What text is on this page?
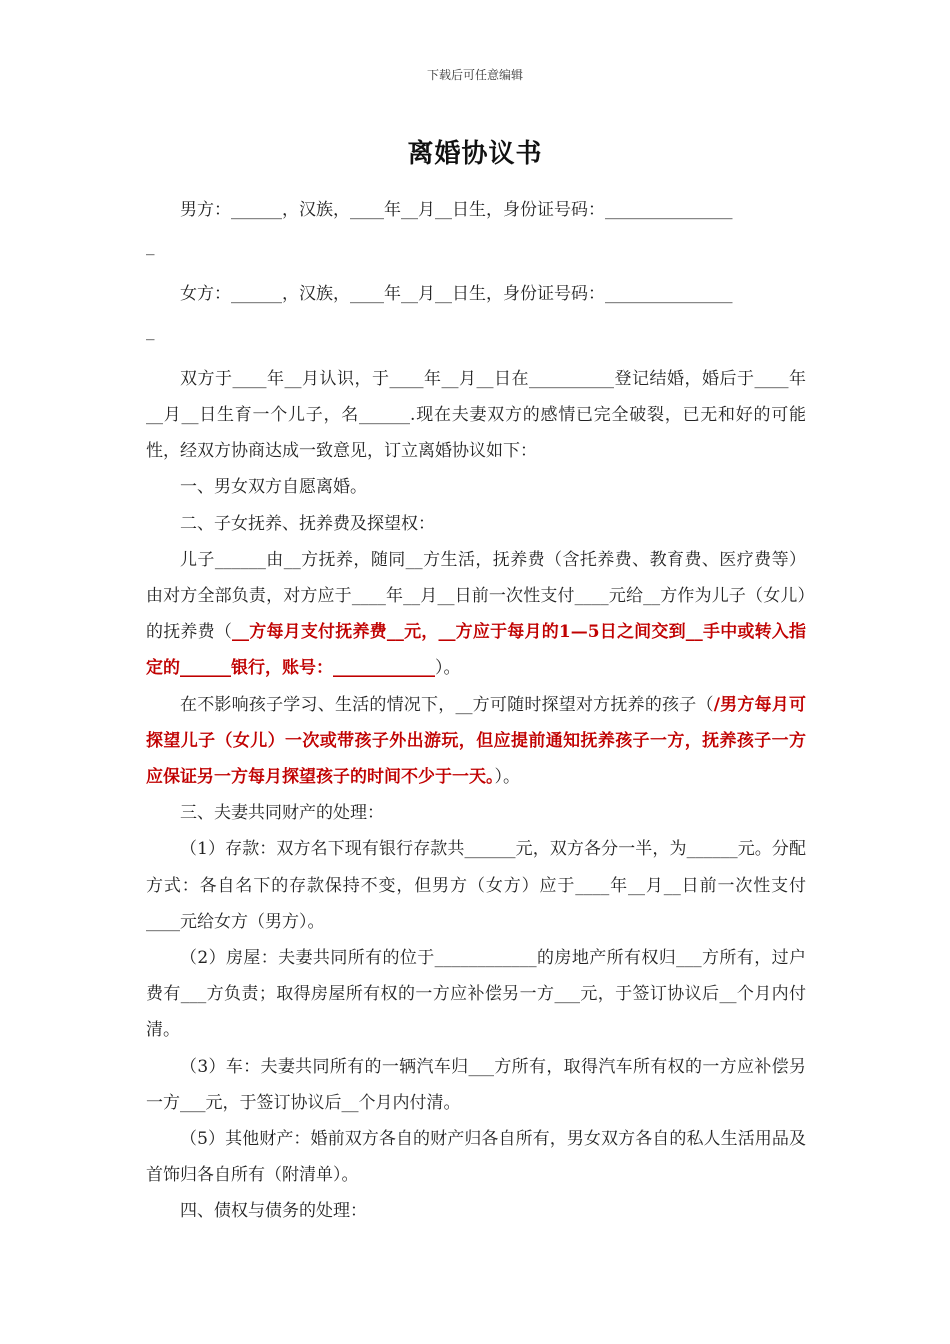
下载后可任意编辑
离婚协议书

男方：______，汉族，____年__月__日生，身份证号码：_______________

_

女方：______，汉族，____年__月__日生，身份证号码：_______________

_

双方于____年__月认识，于____年__月__日在__________登记结婚，婚后于____年__月__日生育一个儿子，名______.现在夫妻双方的感情已完全破裂，已无和好的可能性，经双方协商达成一致意见，订立离婚协议如下：

一、男女双方自愿离婚。

二、子女抚养、抚养费及探望权：

儿子______由__方抚养，随同__方生活，抚养费（含托养费、教育费、医疗费等）由对方全部负责，对方应于____年__月__日前一次性支付____元给__方作为儿子（女儿）的抚养费（__方每月支付抚养费__元，__方应于每月的1—5日之间交到__手中或转入指定的______银行，账号：____________）。

在不影响孩子学习、生活的情况下，__方可随时探望对方抚养的孩子（/男方每月可探望儿子（女儿）一次或带孩子外出游玩，但应提前通知抚养孩子一方，抚养孩子一方应保证另一方每月探望孩子的时间不少于一天。）。

三、夫妻共同财产的处理：

（1）存款：双方名下现有银行存款共______元，双方各分一半，为______元。分配方式：各自名下的存款保持不变，但男方（女方）应于____年__月__日前一次性支付____元给女方（男方）。

（2）房屋：夫妻共同所有的位于____________的房地产所有权归___方所有，过户费有___方负责；取得房屋所有权的一方应补偿另一方___元，于签订协议后__个月内付清。

（3）车：夫妻共同所有的一辆汽车归___方所有，取得汽车所有权的一方应补偿另一方___元，于签订协议后__个月内付清。

（5）其他财产：婚前双方各自的财产归各自所有，男女双方各自的私人生活用品及首饰归各自所有（附清单）。

四、债权与债务的处理：
